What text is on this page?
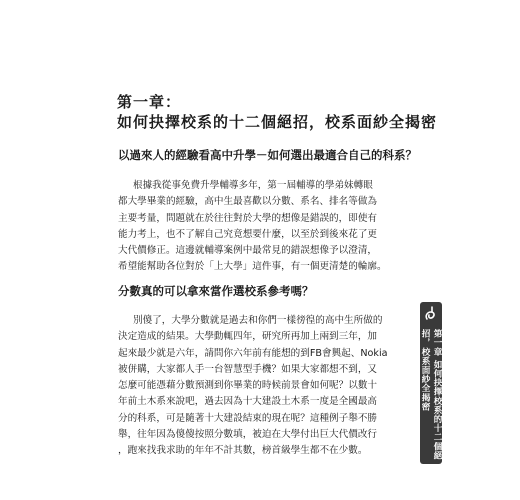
第一章：
如何抉擇校系的十二個絕招，校系面紗全揭密
以過來人的經驗看高中升學－如何選出最適合自己的科系？
根據我從事免費升學輔導多年，第一屆輔導的學弟妹轉眼
都大學畢業的經驗，高中生最喜歡以分數、系名、排名等做為
主要考量，問題就在於往往對於大學的想像是錯誤的，即使有
能力考上，也不了解自己究竟想要什麼，以至於到後來花了更
大代價修正。這邊就輔導案例中最常見的錯誤想像予以澄清，
希望能幫助各位對於「上大學」這件事，有一個更清楚的輪廓。
分數真的可以拿來當作選校系參考嗎？
別傻了，大學分數就是過去和你們一樣徬徨的高中生所做的
決定造成的結果。大學動輒四年，研究所再加上兩到三年，加
起來最少就是六年，請問你六年前有能想的到FB會興起、Nokia
被併購，大家都人手一台智慧型手機？如果大家都想不到，又
怎麼可能憑藉分數預測到你畢業的時候前景會如何呢？以數十
年前土木系來說吧，過去因為十大建設土木系一度是全國最高
分的科系，可是隨著十大建設結束的現在呢？這種例子舉不勝
舉，往年因為傻傻按照分數填，被迫在大學付出巨大代價改行
，跑來找我求助的年年不計其數，榜首級學生都不在少數。	第一章 如何抉擇校系的十二個絕招，校系面紗全揭密
